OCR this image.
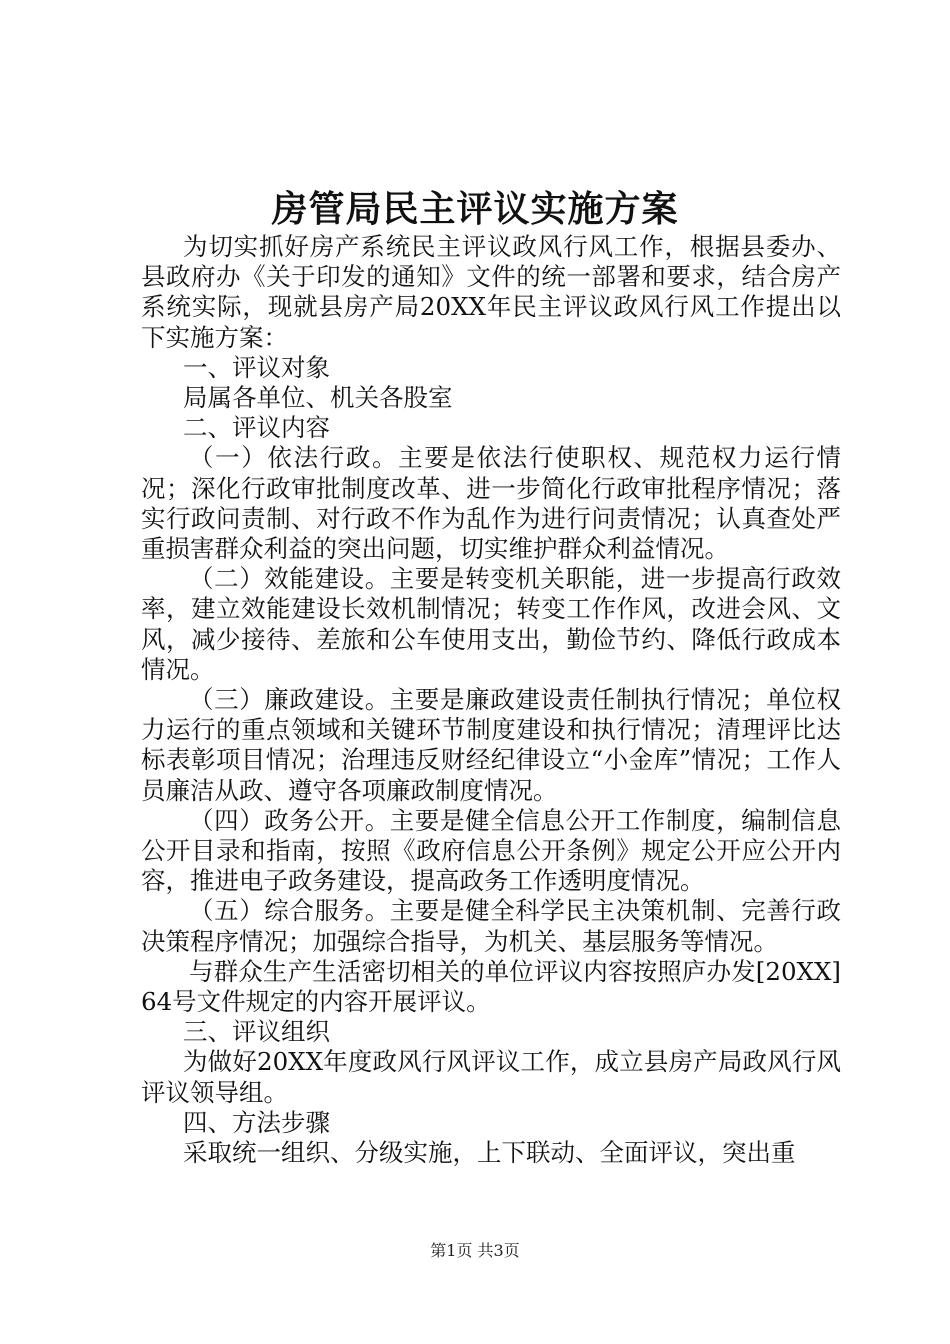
房管局民主评议实施方案

为切实抓好房产系统民主评议政风行风工作，根据县委办、县政府办《关于印发的通知》文件的统一部署和要求，结合房产系统实际，现就县房产局20XX年民主评议政风行风工作提出以下实施方案：

一、评议对象

局属各单位、机关各股室

二、评议内容

（一）依法行政。主要是依法行使职权、规范权力运行情况；深化行政审批制度改革、进一步简化行政审批程序情况；落实行政问责制、对行政不作为乱作为进行问责情况；认真查处严重损害群众利益的突出问题，切实维护群众利益情况。

（二）效能建设。主要是转变机关职能，进一步提高行政效率，建立效能建设长效机制情况；转变工作作风，改进会风、文风，减少接待、差旅和公车使用支出，勤俭节约、降低行政成本情况。

（三）廉政建设。主要是廉政建设责任制执行情况；单位权力运行的重点领域和关键环节制度建设和执行情况；清理评比达标表彰项目情况；治理违反财经纪律设立“小金库”情况；工作人员廉洁从政、遵守各项廉政制度情况。

（四）政务公开。主要是健全信息公开工作制度，编制信息公开目录和指南，按照《政府信息公开条例》规定公开应公开内容，推进电子政务建设，提高政务工作透明度情况。

（五）综合服务。主要是健全科学民主决策机制、完善行政决策程序情况；加强综合指导，为机关、基层服务等情况。

与群众生产生活密切相关的单位评议内容按照庐办发[20XX]64号文件规定的内容开展评议。

三、评议组织

为做好20XX年度政风行风评议工作，成立县房产局政风行风评议领导组。

四、方法步骤

采取统一组织、分级实施，上下联动、全面评议，突出重

第1页 共3页
